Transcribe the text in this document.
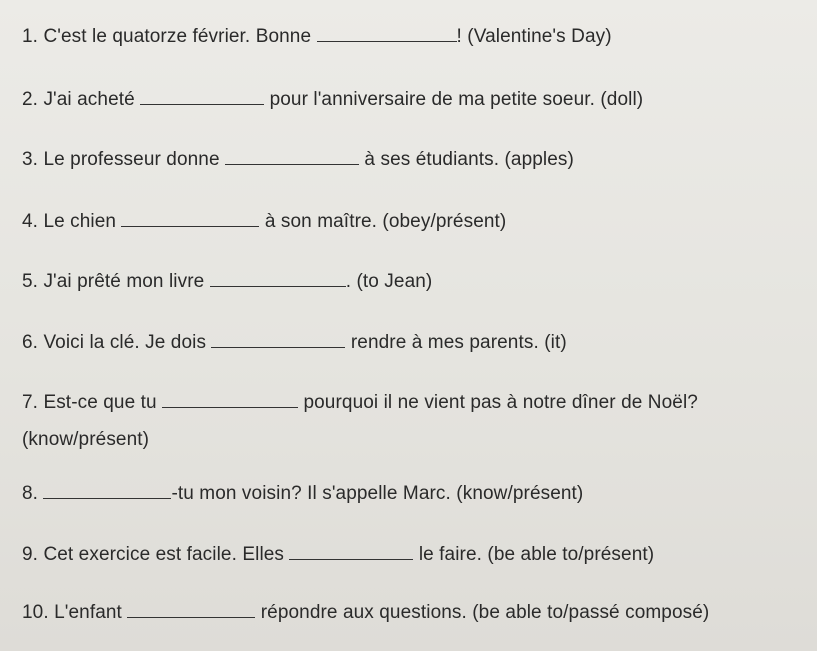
1. C'est le quatorze février. Bonne	! (Valentine's Day)
2. J'ai acheté	pour l'anniversaire de ma petite soeur. (doll)
3. Le professeur donne	à ses étudiants. (apples)
4. Le chien	à son maître. (obey/présent)
5. J'ai prêté mon livre	. (to Jean)
6. Voici la clé. Je dois	rendre à mes parents. (it)
7. Est-ce que tu	pourquoi il ne vient pas à notre dîner de Noël?
(know/présent)
8.	-tu mon voisin? Il s'appelle Marc. (know/présent)
9. Cet exercice est facile. Elles	le faire. (be able to/présent)
10. L'enfant	répondre aux questions. (be able to/passé composé)
